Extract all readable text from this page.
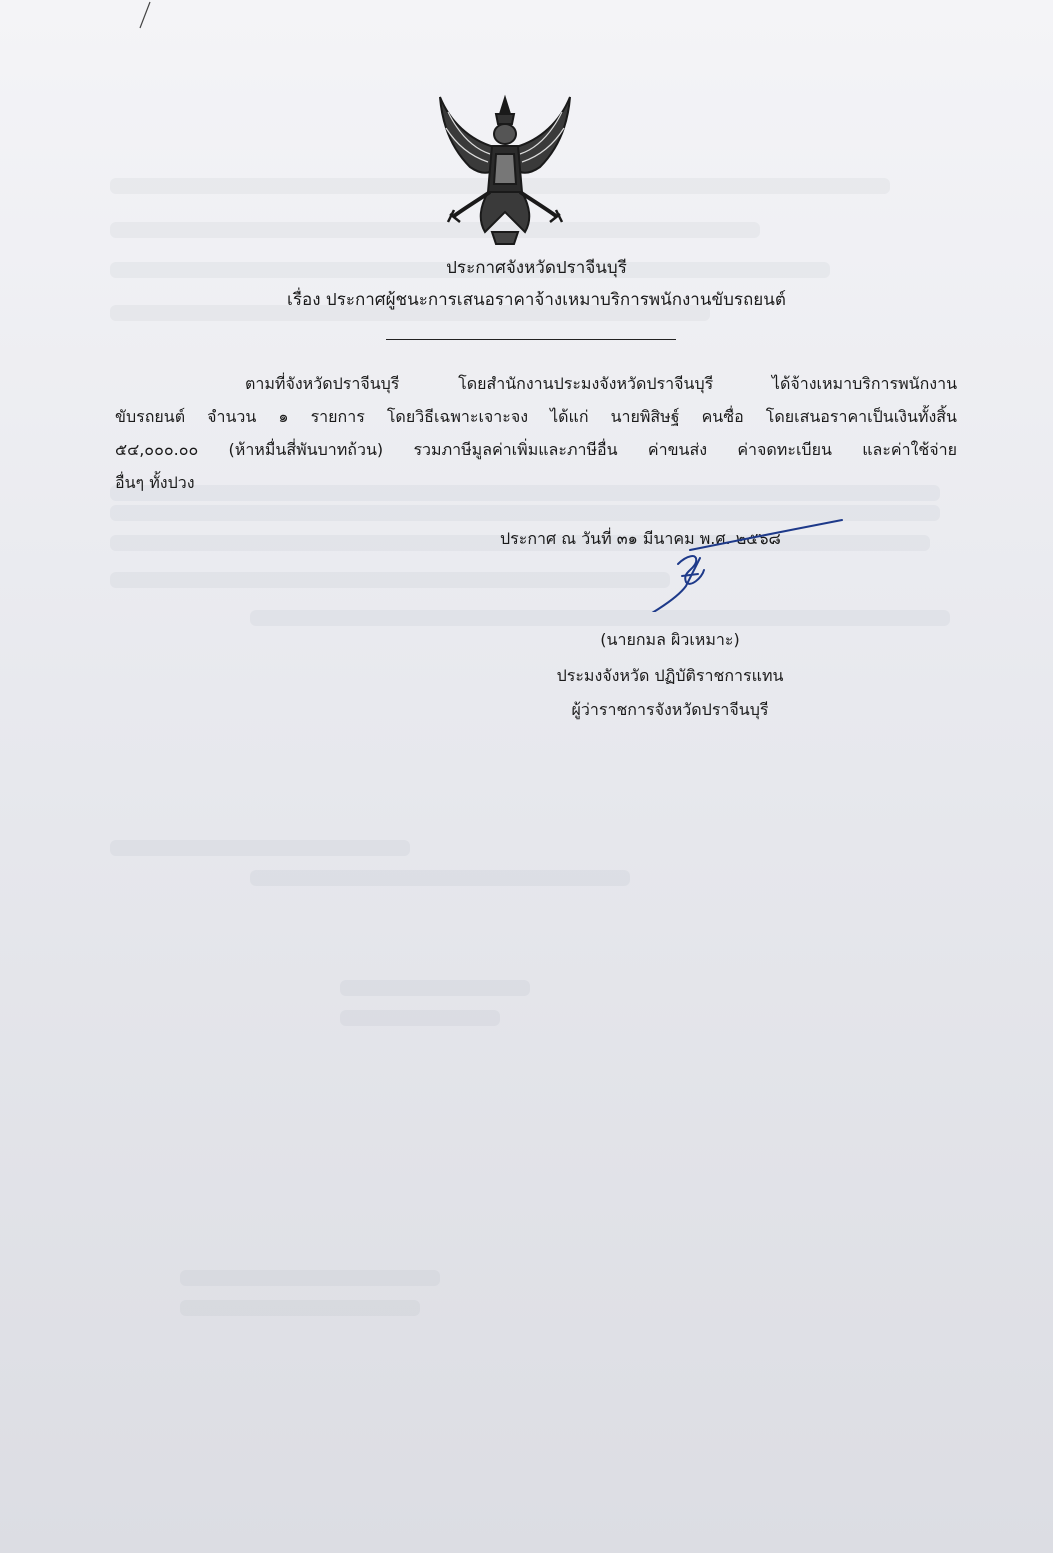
ประกาศจังหวัดปราจีนบุรี
เรื่อง ประกาศผู้ชนะการเสนอราคาจ้างเหมาบริการพนักงานขับรถยนต์
ตามที่จังหวัดปราจีนบุรี โดยสำนักงานประมงจังหวัดปราจีนบุรี ได้จ้างเหมาบริการพนักงาน
ขับรถยนต์ จำนวน ๑ รายการ โดยวิธีเฉพาะเจาะจง ได้แก่ นายพิสิษฐ์ คนซื่อ โดยเสนอราคาเป็นเงินทั้งสิ้น
๕๔,๐๐๐.๐๐ (ห้าหมื่นสี่พันบาทถ้วน) รวมภาษีมูลค่าเพิ่มและภาษีอื่น ค่าขนส่ง ค่าจดทะเบียน และค่าใช้จ่าย
อื่นๆ ทั้งปวง
ประกาศ ณ วันที่ ๓๑ มีนาคม พ.ศ. ๒๕๖๘
(นายกมล ผิวเหมาะ)
ประมงจังหวัด ปฏิบัติราชการแทน
ผู้ว่าราชการจังหวัดปราจีนบุรี
